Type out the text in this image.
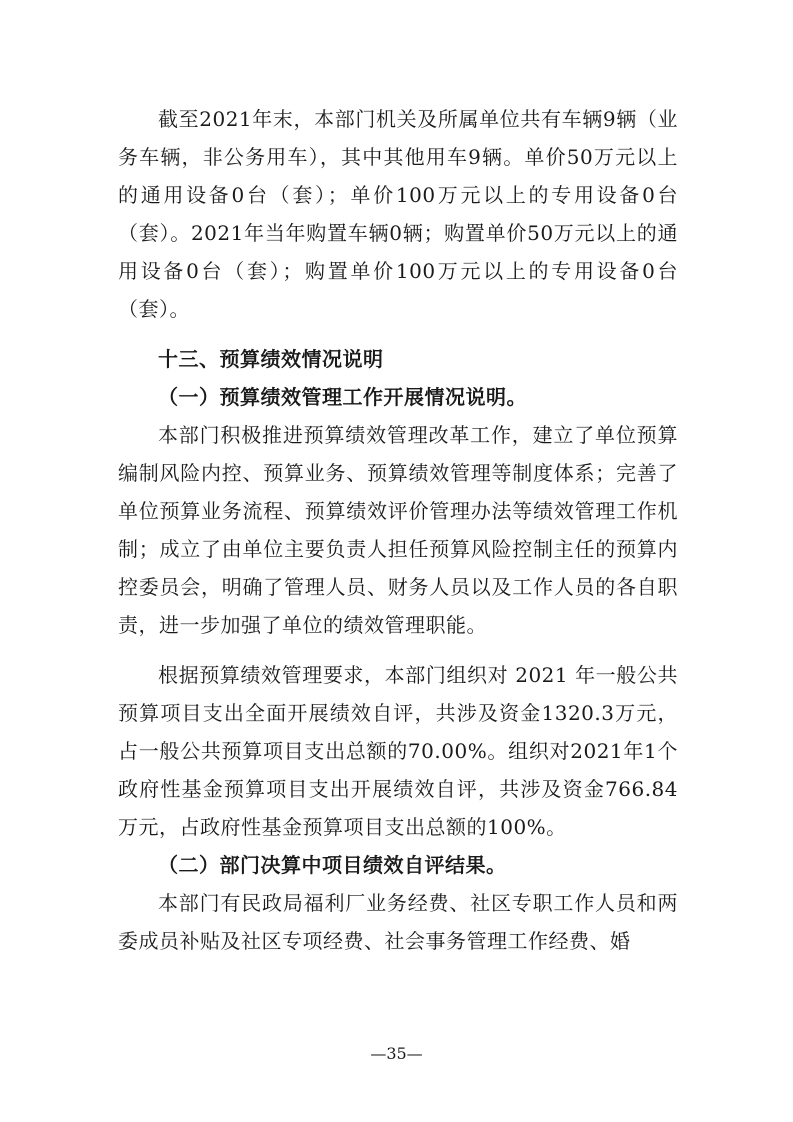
截至2021年末，本部门机关及所属单位共有车辆9辆（业务车辆，非公务用车），其中其他用车9辆。单价50万元以上的通用设备0台（套）；单价100万元以上的专用设备0台（套）。2021年当年购置车辆0辆；购置单价50万元以上的通用设备0台（套）；购置单价100万元以上的专用设备0台（套）。

十三、预算绩效情况说明

（一）预算绩效管理工作开展情况说明。

本部门积极推进预算绩效管理改革工作，建立了单位预算编制风险内控、预算业务、预算绩效管理等制度体系；完善了单位预算业务流程、预算绩效评价管理办法等绩效管理工作机制；成立了由单位主要负责人担任预算风险控制主任的预算内控委员会，明确了管理人员、财务人员以及工作人员的各自职责，进一步加强了单位的绩效管理职能。

根据预算绩效管理要求，本部门组织对 2021 年一般公共预算项目支出全面开展绩效自评，共涉及资金1320.3万元，占一般公共预算项目支出总额的70.00%。组织对2021年1个政府性基金预算项目支出开展绩效自评，共涉及资金766.84万元，占政府性基金预算项目支出总额的100%。

（二）部门决算中项目绩效自评结果。

本部门有民政局福利厂业务经费、社区专职工作人员和两委成员补贴及社区专项经费、社会事务管理工作经费、婚

—35—
